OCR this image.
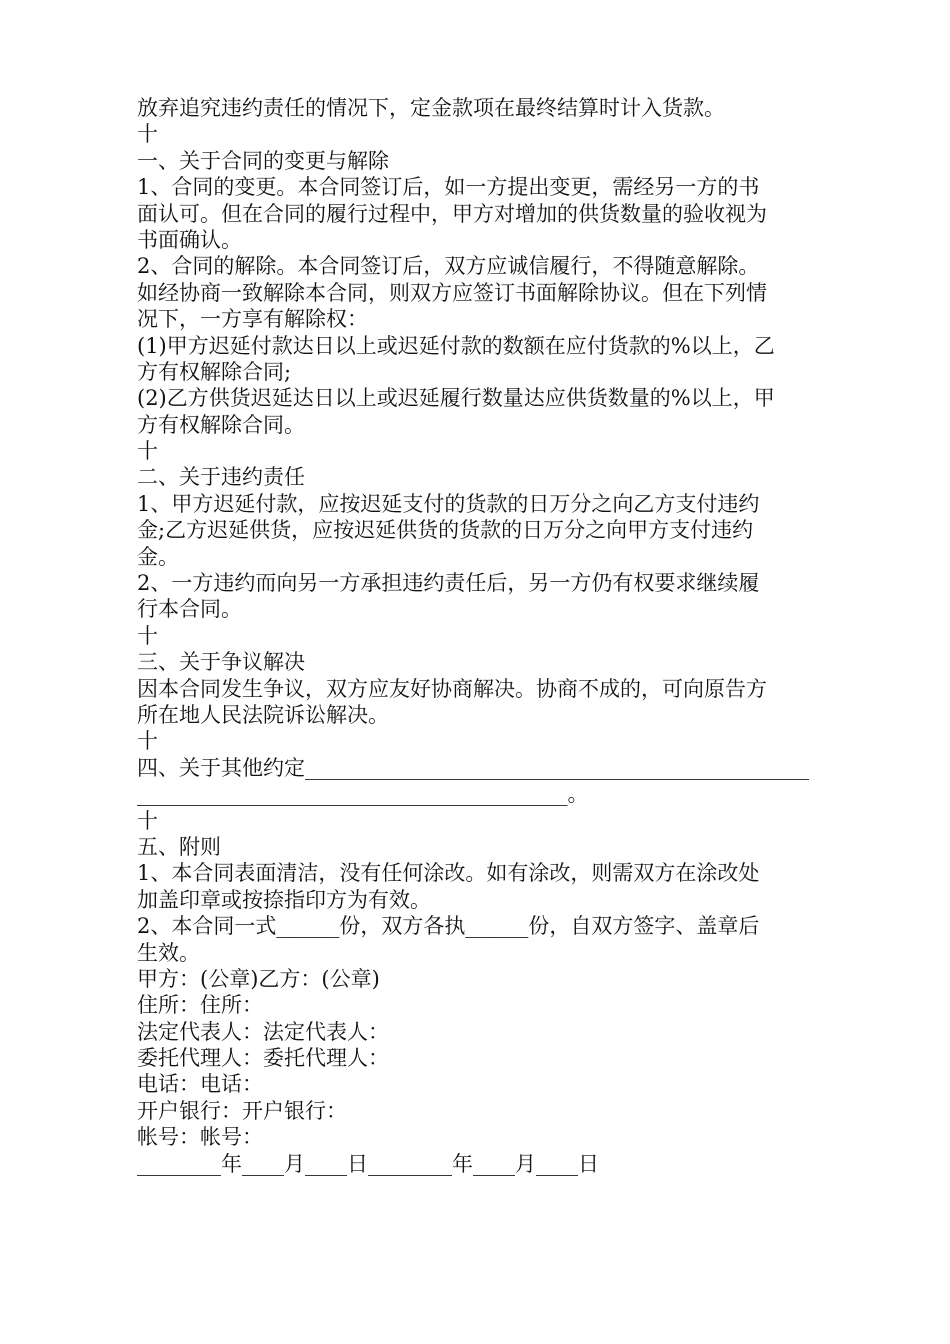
放弃追究违约责任的情况下，定金款项在最终结算时计入货款。
十
一、关于合同的变更与解除
1、合同的变更。本合同签订后，如一方提出变更，需经另一方的书
面认可。但在合同的履行过程中，甲方对增加的供货数量的验收视为
书面确认。
2、合同的解除。本合同签订后，双方应诚信履行，不得随意解除。
如经协商一致解除本合同，则双方应签订书面解除协议。但在下列情
况下，一方享有解除权：
(1)甲方迟延付款达日以上或迟延付款的数额在应付货款的%以上，乙
方有权解除合同;
(2)乙方供货迟延达日以上或迟延履行数量达应供货数量的%以上，甲
方有权解除合同。
十
二、关于违约责任
1、甲方迟延付款，应按迟延支付的货款的日万分之向乙方支付违约
金;乙方迟延供货，应按迟延供货的货款的日万分之向甲方支付违约
金。
2、一方违约而向另一方承担违约责任后，另一方仍有权要求继续履
行本合同。
十
三、关于争议解决
因本合同发生争议，双方应友好协商解决。协商不成的，可向原告方
所在地人民法院诉讼解决。
十
四、关于其他约定________________________________________________
_________________________________________。
十
五、附则
1、本合同表面清洁，没有任何涂改。如有涂改，则需双方在涂改处
加盖印章或按捺指印方为有效。
2、本合同一式______份，双方各执______份，自双方签字、盖章后
生效。
甲方：(公章)乙方：(公章)
住所：住所：
法定代表人：法定代表人：
委托代理人：委托代理人：
电话：电话：
开户银行：开户银行：
帐号：帐号：
________年____月____日________年____月____日
